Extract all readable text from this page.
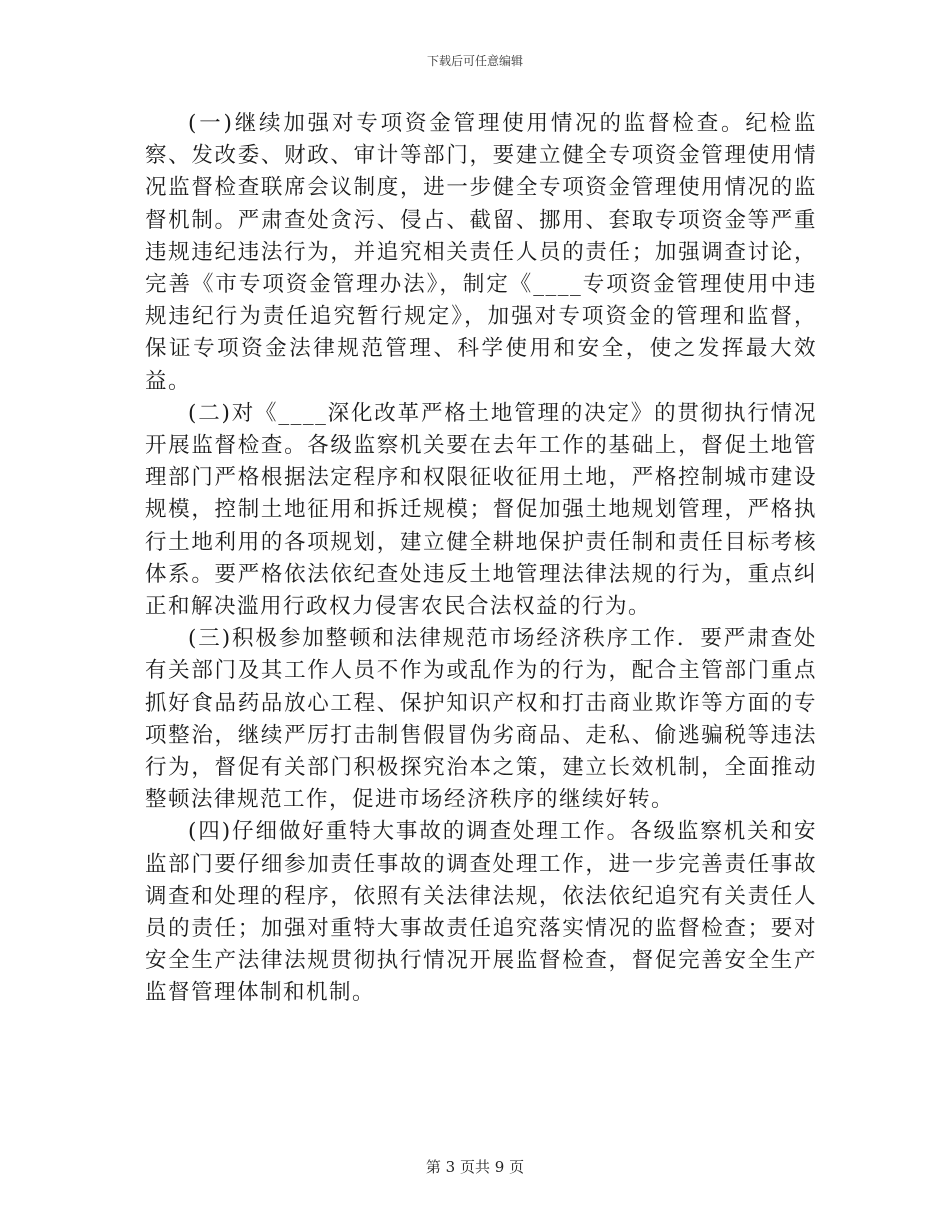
下载后可任意编辑

(一)继续加强对专项资金管理使用情况的监督检查。纪检监察、发改委、财政、审计等部门，要建立健全专项资金管理使用情况监督检查联席会议制度，进一步健全专项资金管理使用情况的监督机制。严肃查处贪污、侵占、截留、挪用、套取专项资金等严重违规违纪违法行为，并追究相关责任人员的责任；加强调查讨论，完善《市专项资金管理办法》，制定《____专项资金管理使用中违规违纪行为责任追究暂行规定》，加强对专项资金的管理和监督，保证专项资金法律规范管理、科学使用和安全，使之发挥最大效益。

(二)对《____深化改革严格土地管理的决定》的贯彻执行情况开展监督检查。各级监察机关要在去年工作的基础上，督促土地管理部门严格根据法定程序和权限征收征用土地，严格控制城市建设规模，控制土地征用和拆迁规模；督促加强土地规划管理，严格执行土地利用的各项规划，建立健全耕地保护责任制和责任目标考核体系。要严格依法依纪查处违反土地管理法律法规的行为，重点纠正和解决滥用行政权力侵害农民合法权益的行为。

(三)积极参加整顿和法律规范市场经济秩序工作．要严肃查处有关部门及其工作人员不作为或乱作为的行为，配合主管部门重点抓好食品药品放心工程、保护知识产权和打击商业欺诈等方面的专项整治，继续严厉打击制售假冒伪劣商品、走私、偷逃骗税等违法行为，督促有关部门积极探究治本之策，建立长效机制，全面推动整顿法律规范工作，促进市场经济秩序的继续好转。

(四)仔细做好重特大事故的调查处理工作。各级监察机关和安监部门要仔细参加责任事故的调查处理工作，进一步完善责任事故调查和处理的程序，依照有关法律法规，依法依纪追究有关责任人员的责任；加强对重特大事故责任追究落实情况的监督检查；要对安全生产法律法规贯彻执行情况开展监督检查，督促完善安全生产监督管理体制和机制。

第 3 页共 9 页
